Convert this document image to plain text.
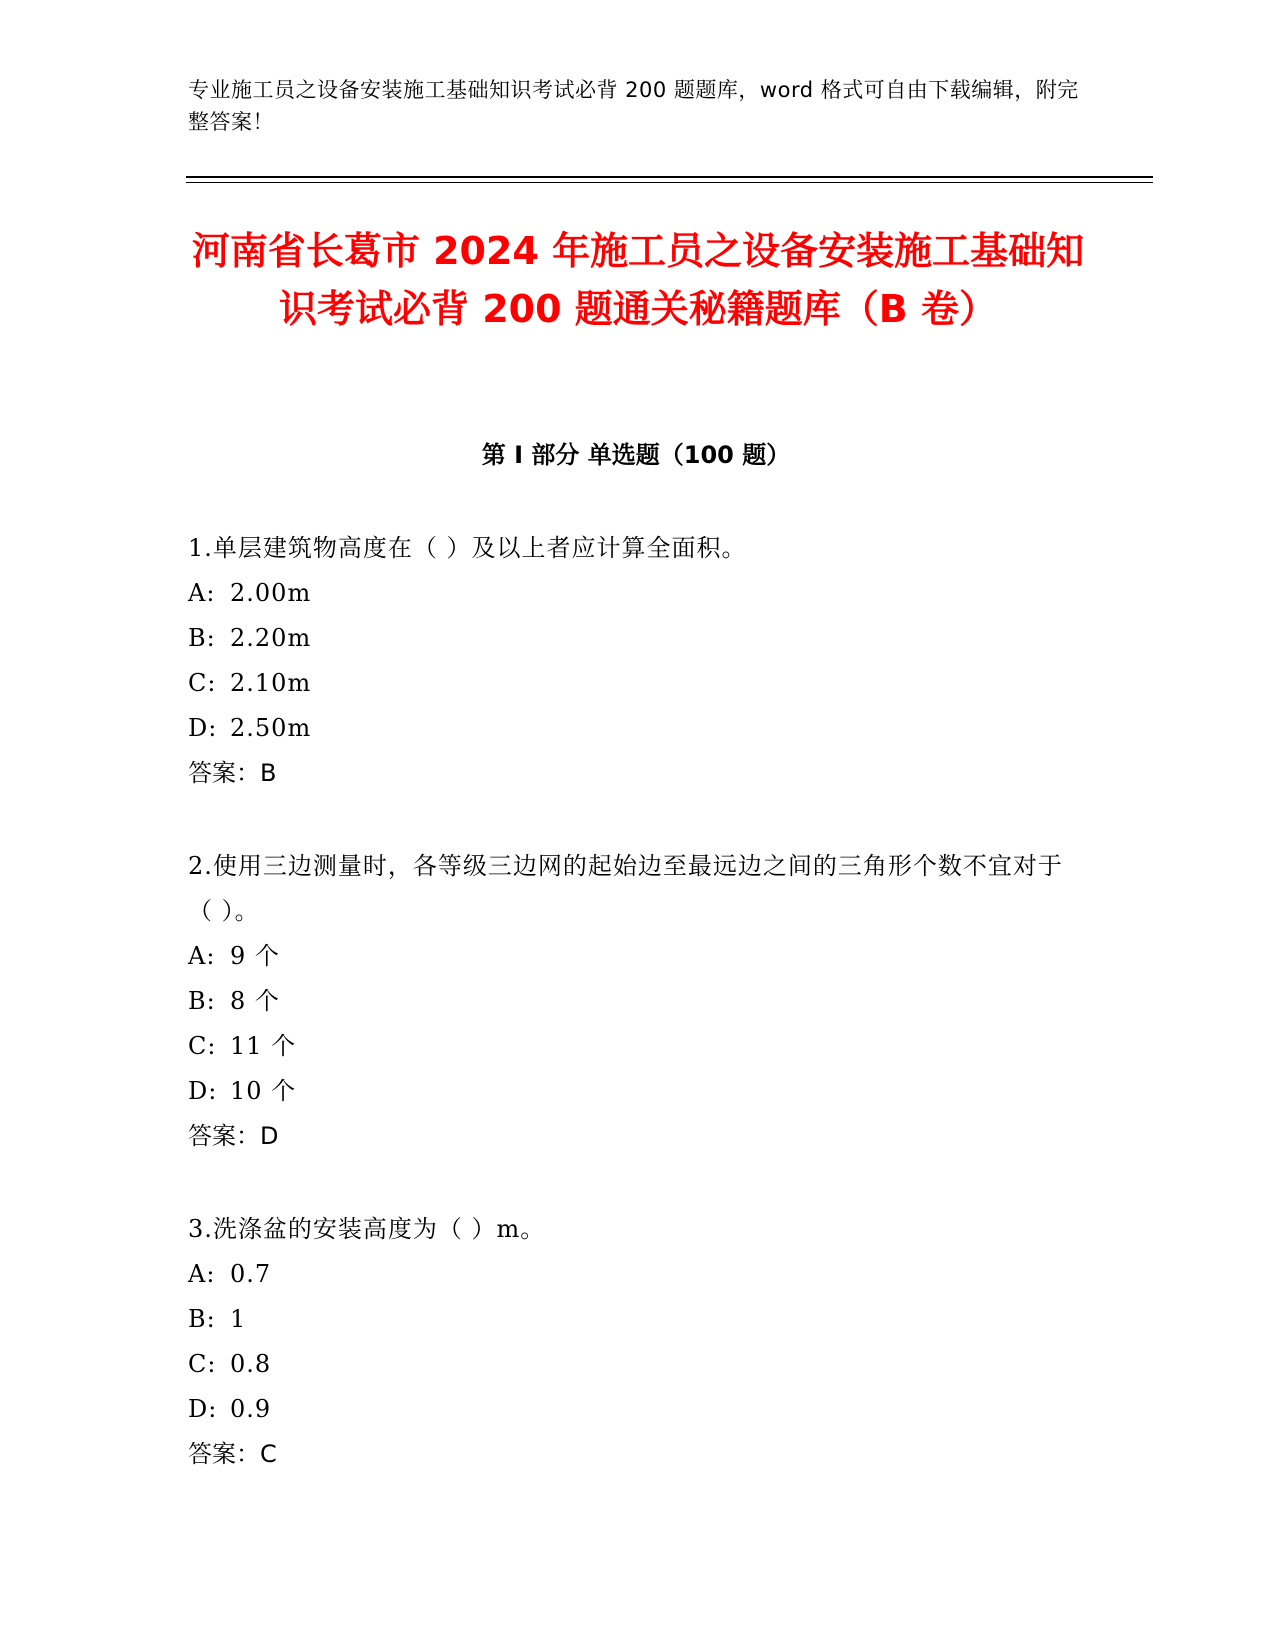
专业施工员之设备安装施工基础知识考试必背 200 题题库，word 格式可自由下载编辑，附完整答案！
河南省长葛市 2024 年施工员之设备安装施工基础知识考试必背 200 题通关秘籍题库（B 卷）
第 I 部分 单选题（100 题）
1.单层建筑物高度在（ ）及以上者应计算全面积。
A: 2.00m
B: 2.20m
C: 2.10m
D: 2.50m
答案：B
2.使用三边测量时，各等级三边网的起始边至最远边之间的三角形个数不宜对于（ ）。
A: 9 个
B: 8 个
C: 11 个
D: 10 个
答案：D
3.洗涤盆的安装高度为（ ）m。
A: 0.7
B: 1
C: 0.8
D: 0.9
答案：C
